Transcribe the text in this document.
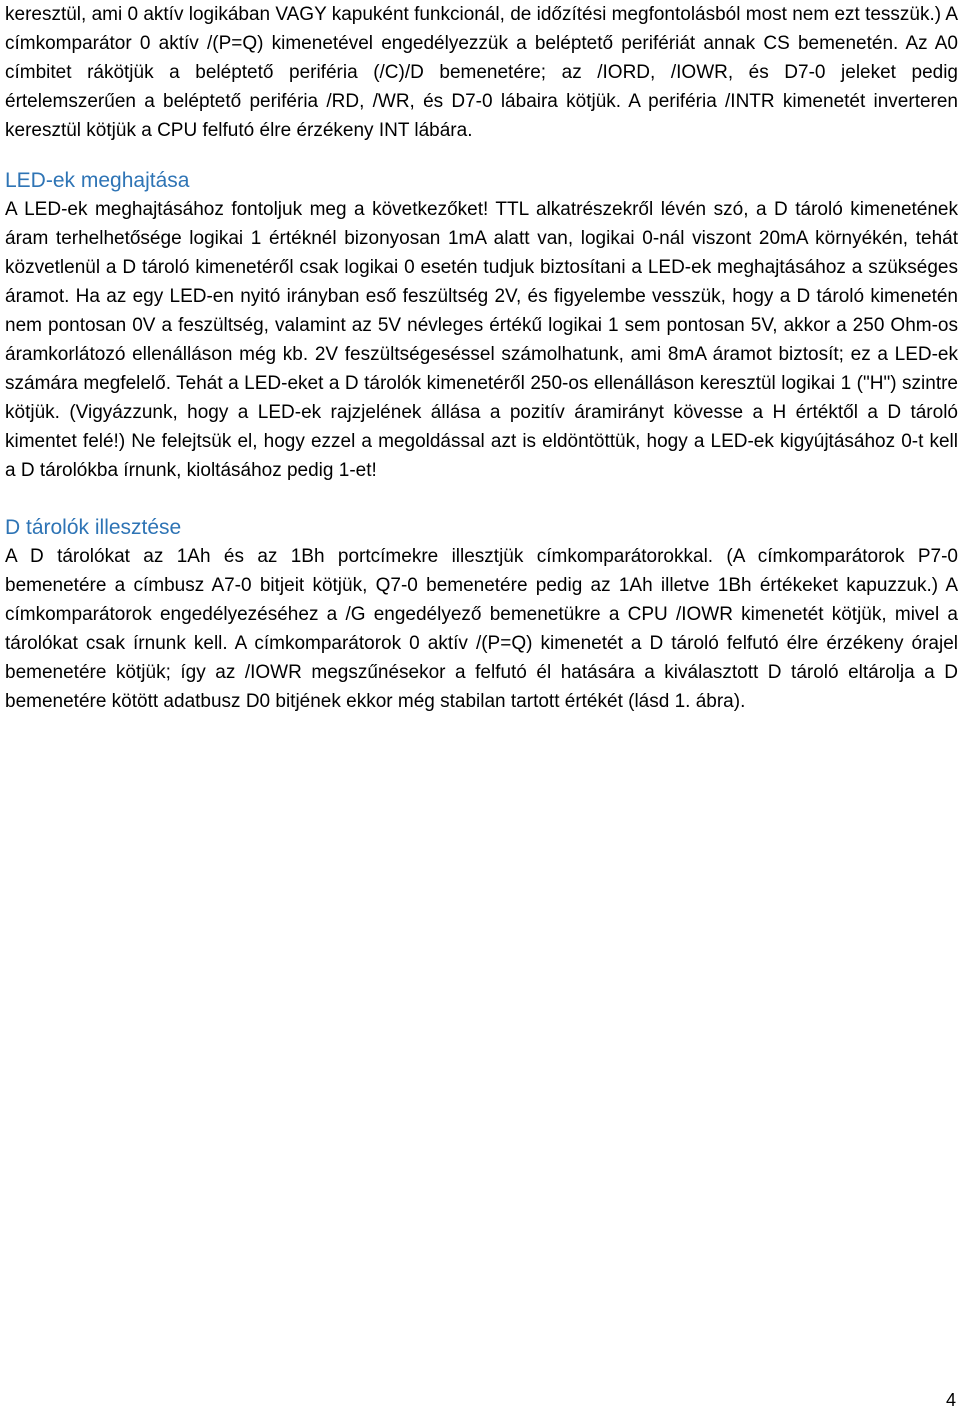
keresztül, ami 0 aktív logikában VAGY kapuként funkcionál, de időzítési megfontolásból most nem ezt tesszük.) A címkomparátor 0 aktív /(P=Q) kimenetével engedélyezzük a beléptető perifériát annak CS bemenetén. Az A0 címbitet rákötjük a beléptető periféria (/C)/D bemenetére; az /IORD, /IOWR, és D7-0 jeleket pedig értelemszerűen a beléptető periféria /RD, /WR, és D7-0 lábaira kötjük. A periféria /INTR kimenetét inverteren keresztül kötjük a CPU felfutó élre érzékeny INT lábára.

LED-ek meghajtása

A LED-ek meghajtásához fontoljuk meg a következőket! TTL alkatrészekről lévén szó, a D tároló kimenetének áram terhelhetősége logikai 1 értéknél bizonyosan 1mA alatt van, logikai 0-nál viszont 20mA környékén, tehát közvetlenül a D tároló kimenetéről csak logikai 0 esetén tudjuk biztosítani a LED-ek meghajtásához a szükséges áramot. Ha az egy LED-en nyitó irányban eső feszültség 2V, és figyelembe vesszük, hogy a D tároló kimenetén nem pontosan 0V a feszültség, valamint az 5V névleges értékű logikai 1 sem pontosan 5V, akkor a 250 Ohm-os áramkorlátozó ellenálláson még kb. 2V feszültségeséssel számolhatunk, ami 8mA áramot biztosít; ez a LED-ek számára megfelelő. Tehát a LED-eket a D tárolók kimenetéről 250-os ellenálláson keresztül logikai 1 ("H") szintre kötjük. (Vigyázzunk, hogy a LED-ek rajzjelének állása a pozitív áramirányt kövesse a H értéktől a D tároló kimentet felé!) Ne felejtsük el, hogy ezzel a megoldással azt is eldöntöttük, hogy a LED-ek kigyújtásához 0-t kell a D tárolókba írnunk, kioltásához pedig 1-et!

D tárolók illesztése

A D tárolókat az 1Ah és az 1Bh portcímekre illesztjük címkomparátorokkal. (A címkomparátorok P7-0 bemenetére a címbusz A7-0 bitjeit kötjük, Q7-0 bemenetére pedig az 1Ah illetve 1Bh értékeket kapuzzuk.) A címkomparátorok engedélyezéséhez a /G engedélyező bemenetükre a CPU /IOWR kimenetét kötjük, mivel a tárolókat csak írnunk kell. A címkomparátorok 0 aktív /(P=Q) kimenetét a D tároló felfutó élre érzékeny órajel bemenetére kötjük; így az /IOWR megszűnésekor a felfutó él hatására a kiválasztott D tároló eltárolja a D bemenetére kötött adatbusz D0 bitjének ekkor még stabilan tartott értékét (lásd 1. ábra).

4
